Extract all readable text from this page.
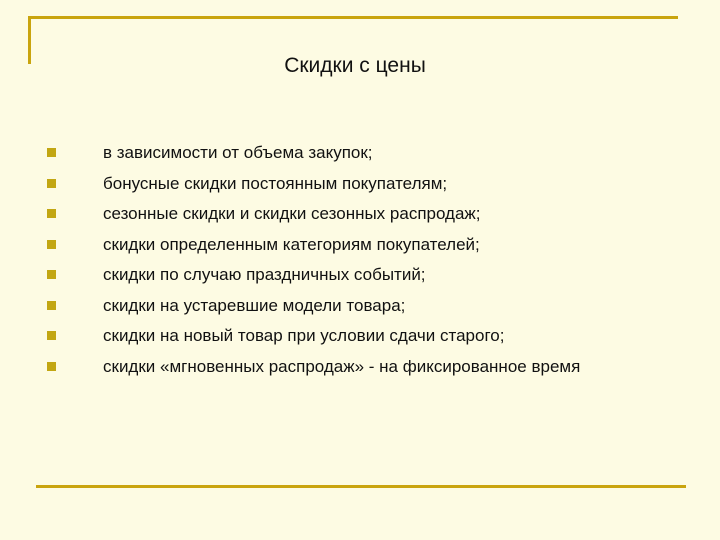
Скидки с цены
в зависимости от объема закупок;
бонусные скидки постоянным покупателям;
сезонные скидки и скидки сезонных распродаж;
скидки определенным категориям покупателей;
скидки по случаю праздничных событий;
скидки на устаревшие модели товара;
скидки на новый товар при условии сдачи старого;
скидки «мгновенных распродаж» - на фиксированное время
